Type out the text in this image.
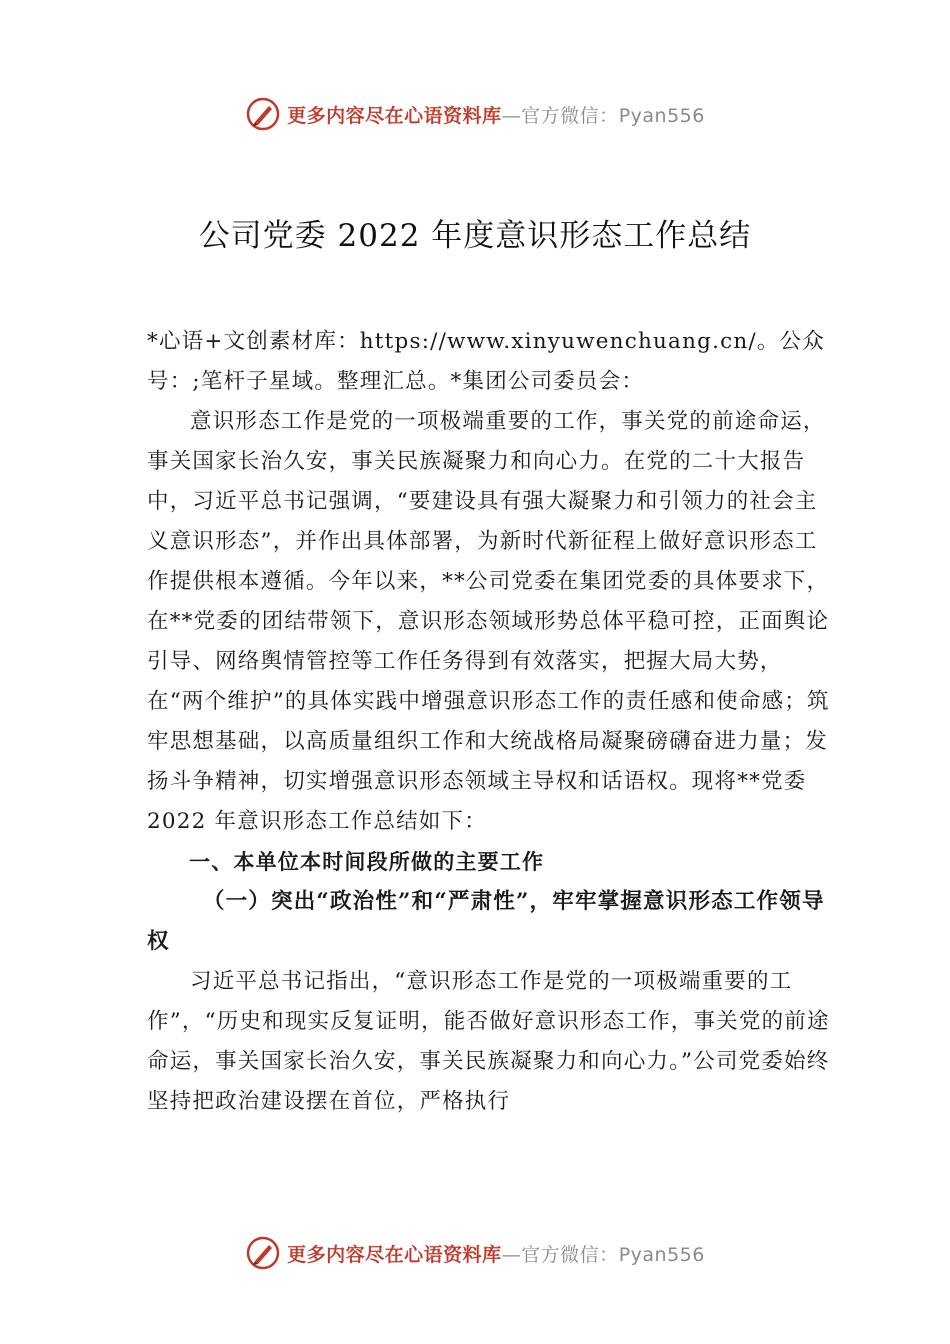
更多内容尽在心语资料库—官方微信：Pyan556
公司党委 2022 年度意识形态工作总结

*心语+文创素材库：https://www.xinyuwenchuang.cn/。公众号：;笔杆子星域。整理汇总。*集团公司委员会：

意识形态工作是党的一项极端重要的工作，事关党的前途命运，事关国家长治久安，事关民族凝聚力和向心力。在党的二十大报告中，习近平总书记强调，“要建设具有强大凝聚力和引领力的社会主义意识形态”，并作出具体部署，为新时代新征程上做好意识形态工作提供根本遵循。今年以来，**公司党委在集团党委的具体要求下，在**党委的团结带领下，意识形态领域形势总体平稳可控，正面舆论引导、网络舆情管控等工作任务得到有效落实，把握大局大势，在“两个维护”的具体实践中增强意识形态工作的责任感和使命感；筑牢思想基础，以高质量组织工作和大统战格局凝聚磅礴奋进力量；发扬斗争精神，切实增强意识形态领域主导权和话语权。现将**党委 2022 年意识形态工作总结如下：

一、本单位本时间段所做的主要工作

（一）突出“政治性”和“严肃性”，牢牢掌握意识形态工作领导权

习近平总书记指出，“意识形态工作是党的一项极端重要的工作”，“历史和现实反复证明，能否做好意识形态工作，事关党的前途命运，事关国家长治久安，事关民族凝聚力和向心力。”公司党委始终坚持把政治建设摆在首位，严格执行

更多内容尽在心语资料库—官方微信：Pyan556
